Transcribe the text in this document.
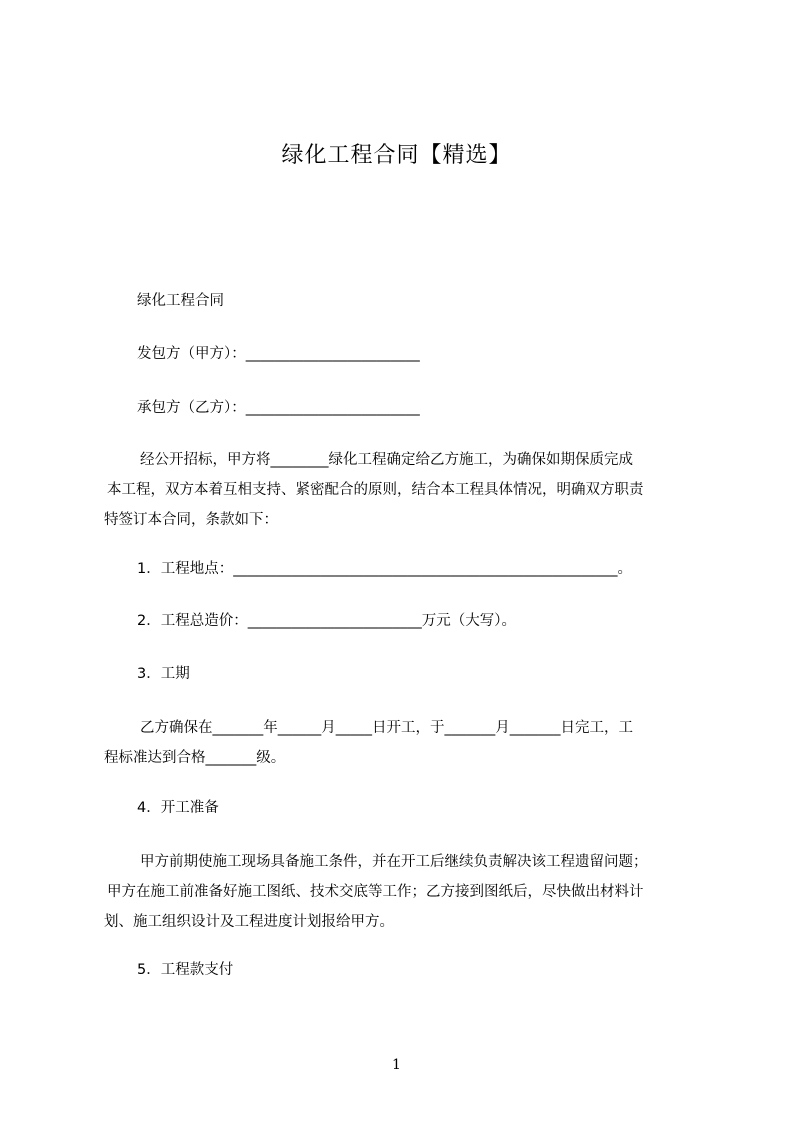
绿化工程合同【精选】
绿化工程合同
发包方（甲方）：________________________
承包方（乙方）：________________________
经公开招标，甲方将________绿化工程确定给乙方施工，为确保如期保质完成
本工程，双方本着互相支持、紧密配合的原则，结合本工程具体情况，明确双方职责
特签订本合同，条款如下：
1．工程地点：_____________________________________________________。
2．工程总造价：________________________万元（大写）。
3．工期
乙方确保在_______年______月_____日开工，于_______月_______日完工，工
程标准达到合格_______级。
4．开工准备
甲方前期使施工现场具备施工条件，并在开工后继续负责解决该工程遗留问题；
甲方在施工前准备好施工图纸、技术交底等工作；乙方接到图纸后，尽快做出材料计
划、施工组织设计及工程进度计划报给甲方。
5．工程款支付
1
